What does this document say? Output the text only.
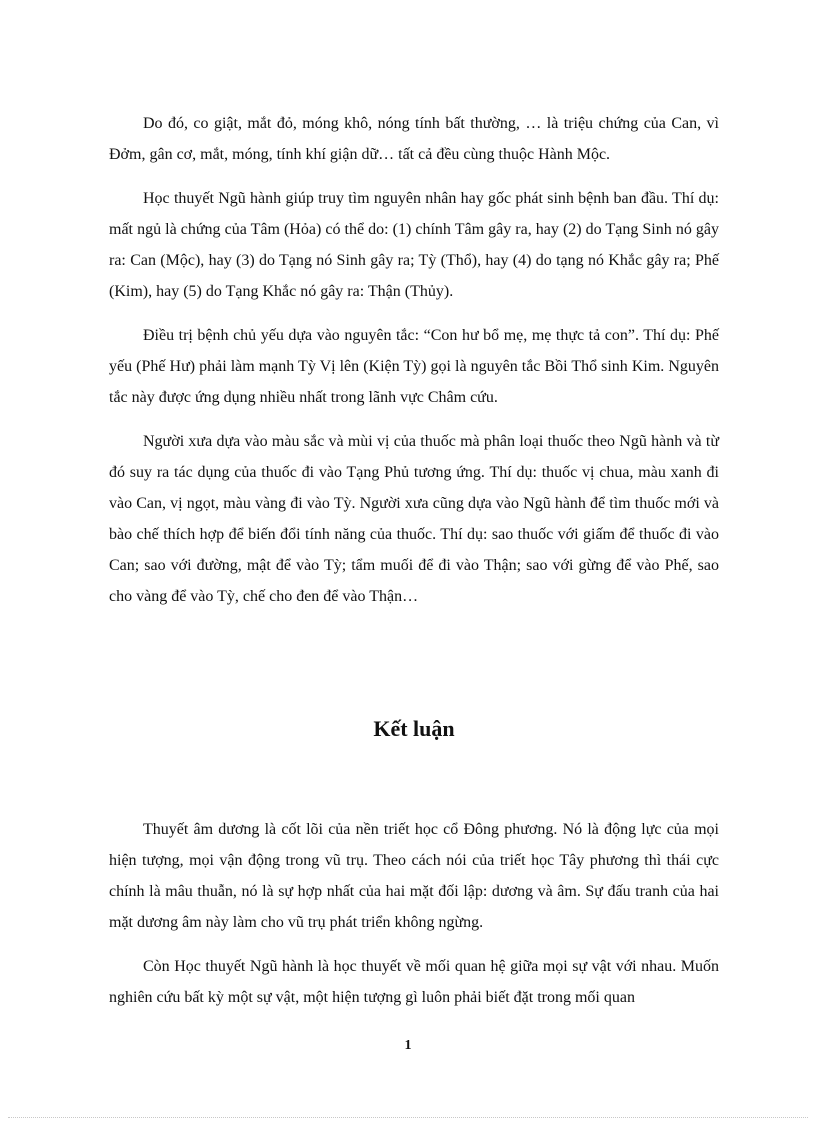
Do đó, co giật, mắt đỏ, móng khô, nóng tính bất thường, … là triệu chứng của Can, vì Đởm, gân cơ, mắt, móng, tính khí giận dữ… tất cả đều cùng thuộc Hành Mộc.

Học thuyết Ngũ hành giúp truy tìm nguyên nhân hay gốc phát sinh bệnh ban đầu. Thí dụ: mất ngủ là chứng của Tâm (Hỏa) có thể do: (1) chính Tâm gây ra, hay (2) do Tạng Sinh nó gây ra: Can (Mộc), hay (3) do Tạng nó Sinh gây ra; Tỳ (Thổ), hay (4) do tạng nó Khắc gây ra; Phế (Kim), hay (5) do Tạng Khắc nó gây ra: Thận (Thủy).

Điều trị bệnh chủ yếu dựa vào nguyên tắc: “Con hư bổ mẹ, mẹ thực tả con”. Thí dụ: Phế yếu (Phế Hư) phải làm mạnh Tỳ Vị lên (Kiện Tỳ) gọi là nguyên tắc Bồi Thổ sinh Kim. Nguyên tắc này được ứng dụng nhiều nhất trong lãnh vực Châm cứu.

Người xưa dựa vào màu sắc và mùi vị của thuốc mà phân loại thuốc theo Ngũ hành và từ đó suy ra tác dụng của thuốc đi vào Tạng Phủ tương ứng. Thí dụ: thuốc vị chua, màu xanh đi vào Can, vị ngọt, màu vàng đi vào Tỳ. Người xưa cũng dựa vào Ngũ hành để tìm thuốc mới và bào chế thích hợp để biến đổi tính năng của thuốc. Thí dụ: sao thuốc với giấm để thuốc đi vào Can; sao với đường, mật để vào Tỳ; tẩm muối để đi vào Thận; sao với gừng để vào Phế, sao cho vàng để vào Tỳ, chế cho đen để vào Thận…

Kết luận

Thuyết âm dương là cốt lõi của nền triết học cổ Đông phương. Nó là động lực của mọi hiện tượng, mọi vận động trong vũ trụ. Theo cách nói của triết học Tây phương thì thái cực chính là mâu thuẫn, nó là sự hợp nhất của hai mặt đối lập: dương và âm. Sự đấu tranh của hai mặt dương âm này làm cho vũ trụ phát triển không ngừng.

Còn Học thuyết Ngũ hành là học thuyết về mối quan hệ giữa mọi sự vật với nhau. Muốn nghiên cứu bất kỳ một sự vật, một hiện tượng gì luôn phải biết đặt trong mối quan

1
